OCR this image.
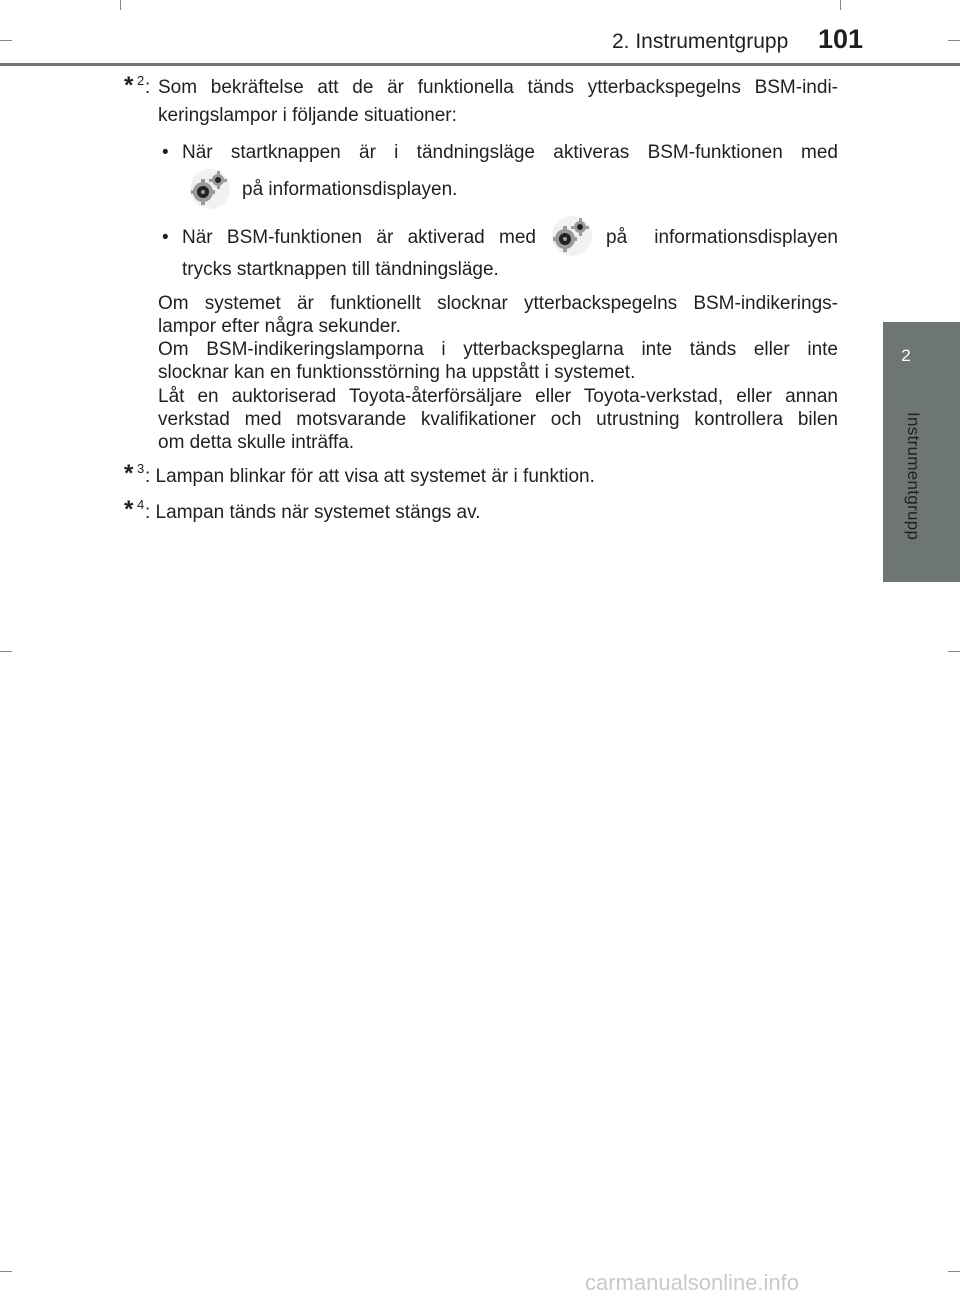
2. Instrumentgrupp 101
2
Instrumentgrupp
* 2 : Som bekräftelse att de är funktionella tänds ytterbackspegelns BSM-indi-
keringslampor i följande situationer:
• När startknappen är i tändningsläge aktiveras BSM-funktionen med
på informationsdisplayen.
• När BSM-funktionen är aktiverad med	på informationsdisplayen
trycks startknappen till tändningsläge.
Om systemet är funktionellt slocknar ytterbackspegelns BSM-indikerings-
lampor efter några sekunder.
Om BSM-indikeringslamporna i ytterbackspeglarna inte tänds eller inte
slocknar kan en funktionsstörning ha uppstått i systemet.
Låt en auktoriserad Toyota-återförsäljare eller Toyota-verkstad, eller annan
verkstad med motsvarande kvalifikationer och utrustning kontrollera bilen
om detta skulle inträffa.
* 3 : Lampan blinkar för att visa att systemet är i funktion.
* 4 : Lampan tänds när systemet stängs av.
carmanualsonline.info
